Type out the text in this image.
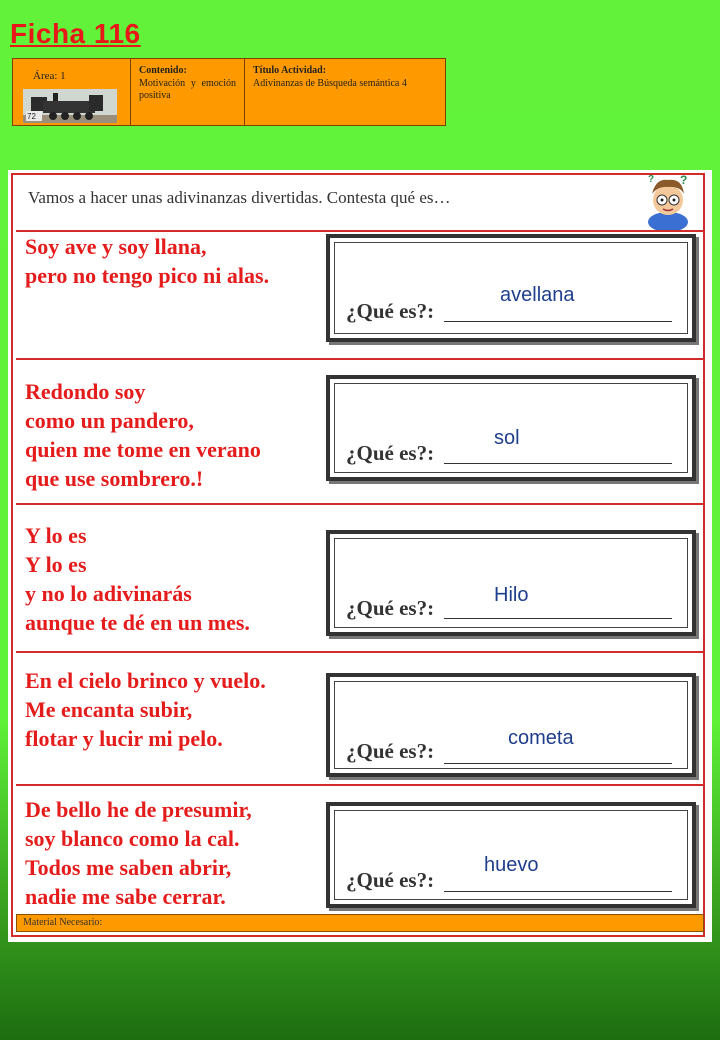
Ficha 116
Área: 1
72
Contenido:
Motivación y emoción positiva
Título Actividad:
Adivinanzas de Búsqueda semántica 4
Vamos a hacer unas adivinanzas divertidas. Contesta qué es…
?
?
Soy ave y soy llana,
pero no tengo pico ni alas.
¿Qué es?:
avellana
Redondo soy
como un pandero,
quien me tome en verano
que use sombrero.!
¿Qué es?:
sol
Y lo es
Y lo es
y no lo adivinarás
aunque te dé en un mes.
¿Qué es?:
Hilo
En el cielo brinco y vuelo.
Me encanta subir,
flotar y lucir mi pelo.	¿Qué es?:
cometa
De bello he de presumir,
soy blanco como la cal.
Todos me saben abrir,
nadie me sabe cerrar.
¿Qué es?:
huevo
Material Necesario:
